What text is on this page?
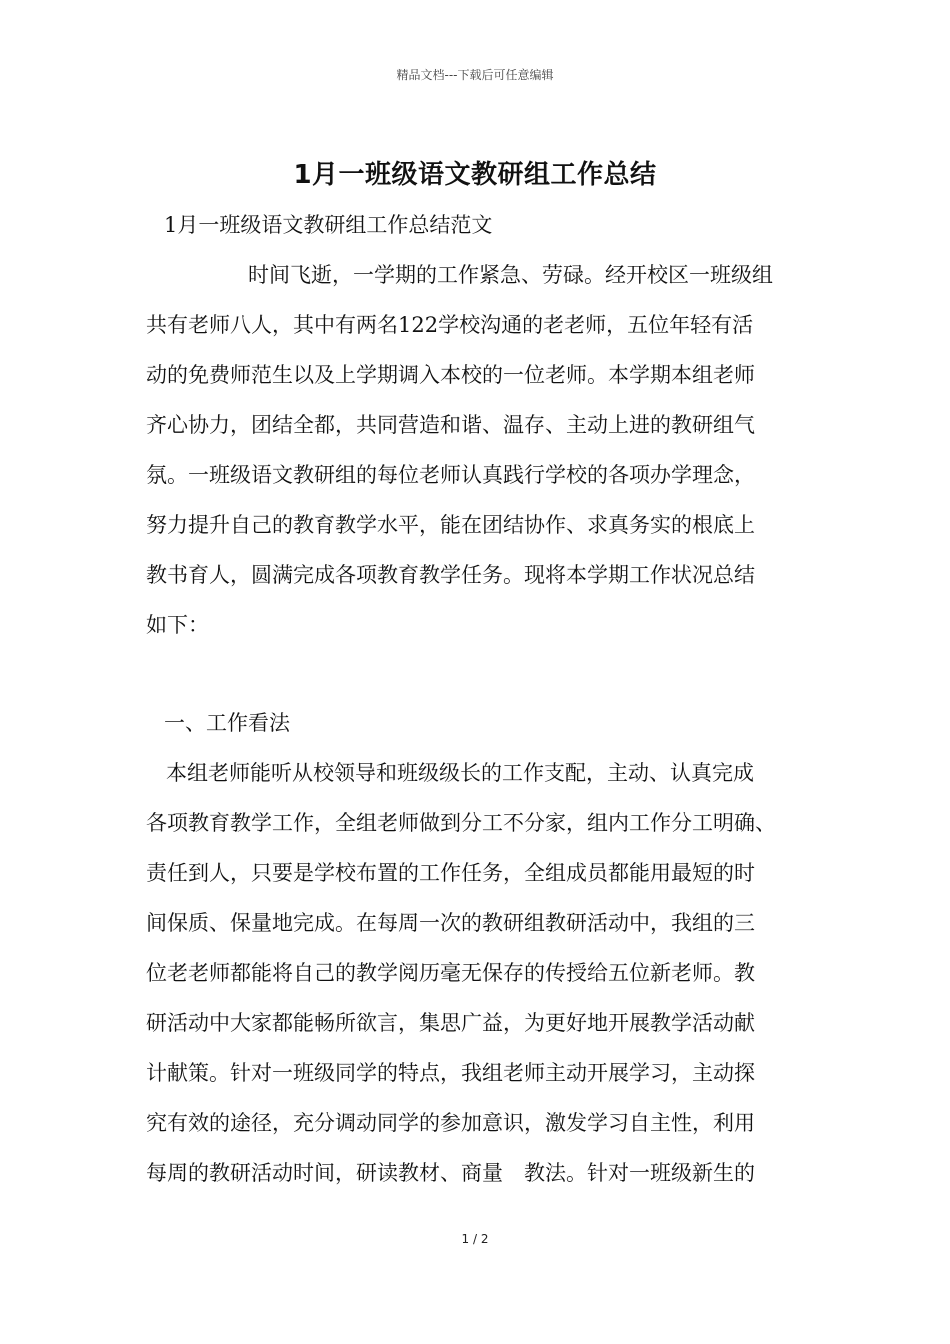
精品文档---下载后可任意编辑
1月一班级语文教研组工作总结
1月一班级语文教研组工作总结范文
时间飞逝，一学期的工作紧急、劳碌。经开校区一班级组
共有老师八人，其中有两名122学校沟通的老老师，五位年轻有活
动的免费师范生以及上学期调入本校的一位老师。本学期本组老师
齐心协力，团结全都，共同营造和谐、温存、主动上进的教研组气
氛。一班级语文教研组的每位老师认真践行学校的各项办学理念，
努力提升自己的教育教学水平，能在团结协作、求真务实的根底上
教书育人，圆满完成各项教育教学任务。现将本学期工作状况总结
如下：
一、工作看法
本组老师能听从校领导和班级级长的工作支配，主动、认真完成
各项教育教学工作，全组老师做到分工不分家，组内工作分工明确、
责任到人，只要是学校布置的工作任务，全组成员都能用最短的时
间保质、保量地完成。在每周一次的教研组教研活动中，我组的三
位老老师都能将自己的教学阅历毫无保存的传授给五位新老师。教
研活动中大家都能畅所欲言，集思广益，为更好地开展教学活动献
计献策。针对一班级同学的特点，我组老师主动开展学习，主动探
究有效的途径，充分调动同学的参加意识，激发学习自主性，利用
每周的教研活动时间，研读教材、商量　教法。针对一班级新生的
1 / 2
